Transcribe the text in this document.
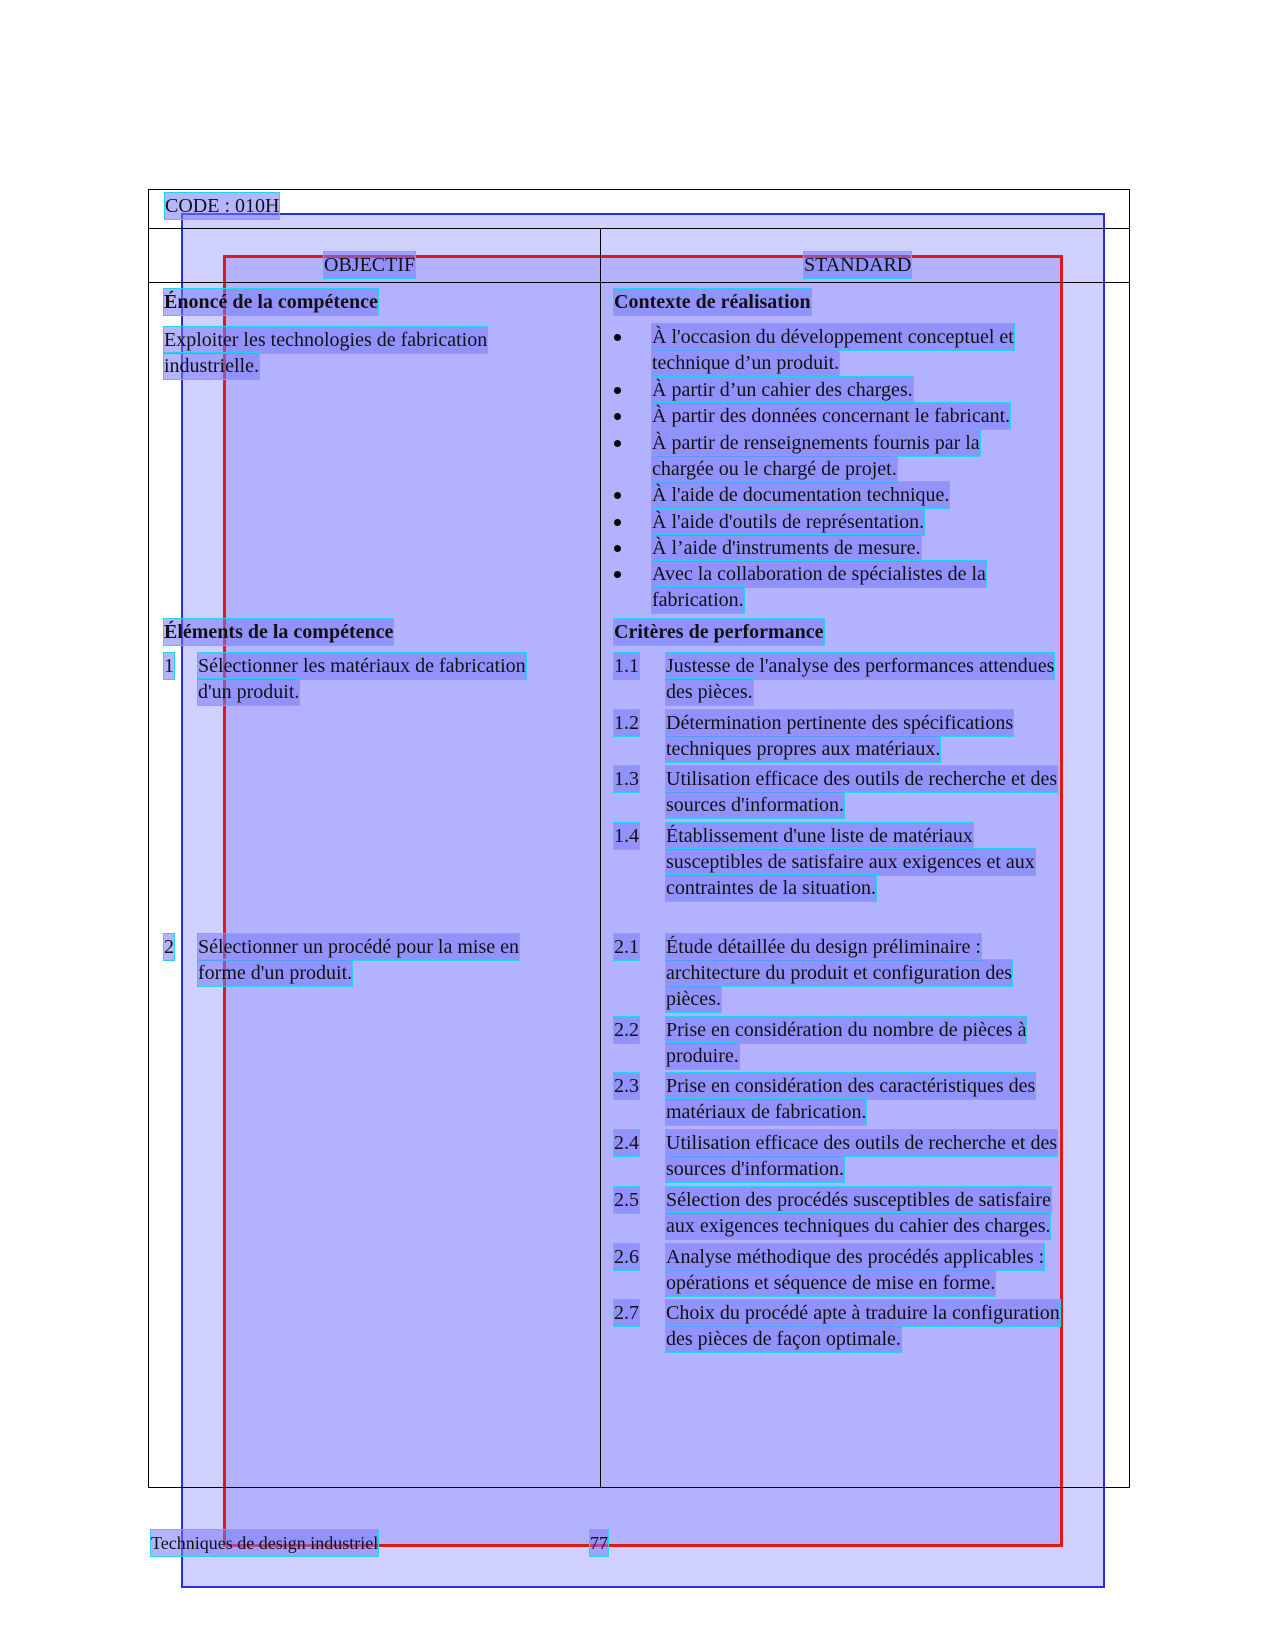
CODE : 010H
OBJECTIF	STANDARD
Énoncé de la compétence
Exploiter les technologies de fabrication
industrielle.
Éléments de la compétence
1 Sélectionner les matériaux de fabrication
d'un produit.
2 Sélectionner un procédé pour la mise en
forme d'un produit.
Contexte de réalisation
À l'occasion du développement conceptuel et
technique d’un produit.
À partir d’un cahier des charges.
À partir des données concernant le fabricant.
À partir de renseignements fournis par la
chargée ou le chargé de projet.
À l'aide de documentation technique.
À l'aide d'outils de représentation.
À l’aide d'instruments de mesure.
Avec la collaboration de spécialistes de la
fabrication.
Critères de performance
1.1 Justesse de l'analyse des performances attendues
des pièces.
1.2 Détermination pertinente des spécifications
techniques propres aux matériaux.
1.3 Utilisation efficace des outils de recherche et des
sources d'information.
1.4 Établissement d'une liste de matériaux
susceptibles de satisfaire aux exigences et aux
contraintes de la situation.
2.1 Étude détaillée du design préliminaire :
architecture du produit et configuration des
pièces.
2.2 Prise en considération du nombre de pièces à
produire.
2.3 Prise en considération des caractéristiques des
matériaux de fabrication.
2.4 Utilisation efficace des outils de recherche et des
sources d'information.
2.5 Sélection des procédés susceptibles de satisfaire
aux exigences techniques du cahier des charges.
2.6 Analyse méthodique des procédés applicables :
opérations et séquence de mise en forme.
2.7 Choix du procédé apte à traduire la configuration
des pièces de façon optimale.
Techniques de design industriel	77
